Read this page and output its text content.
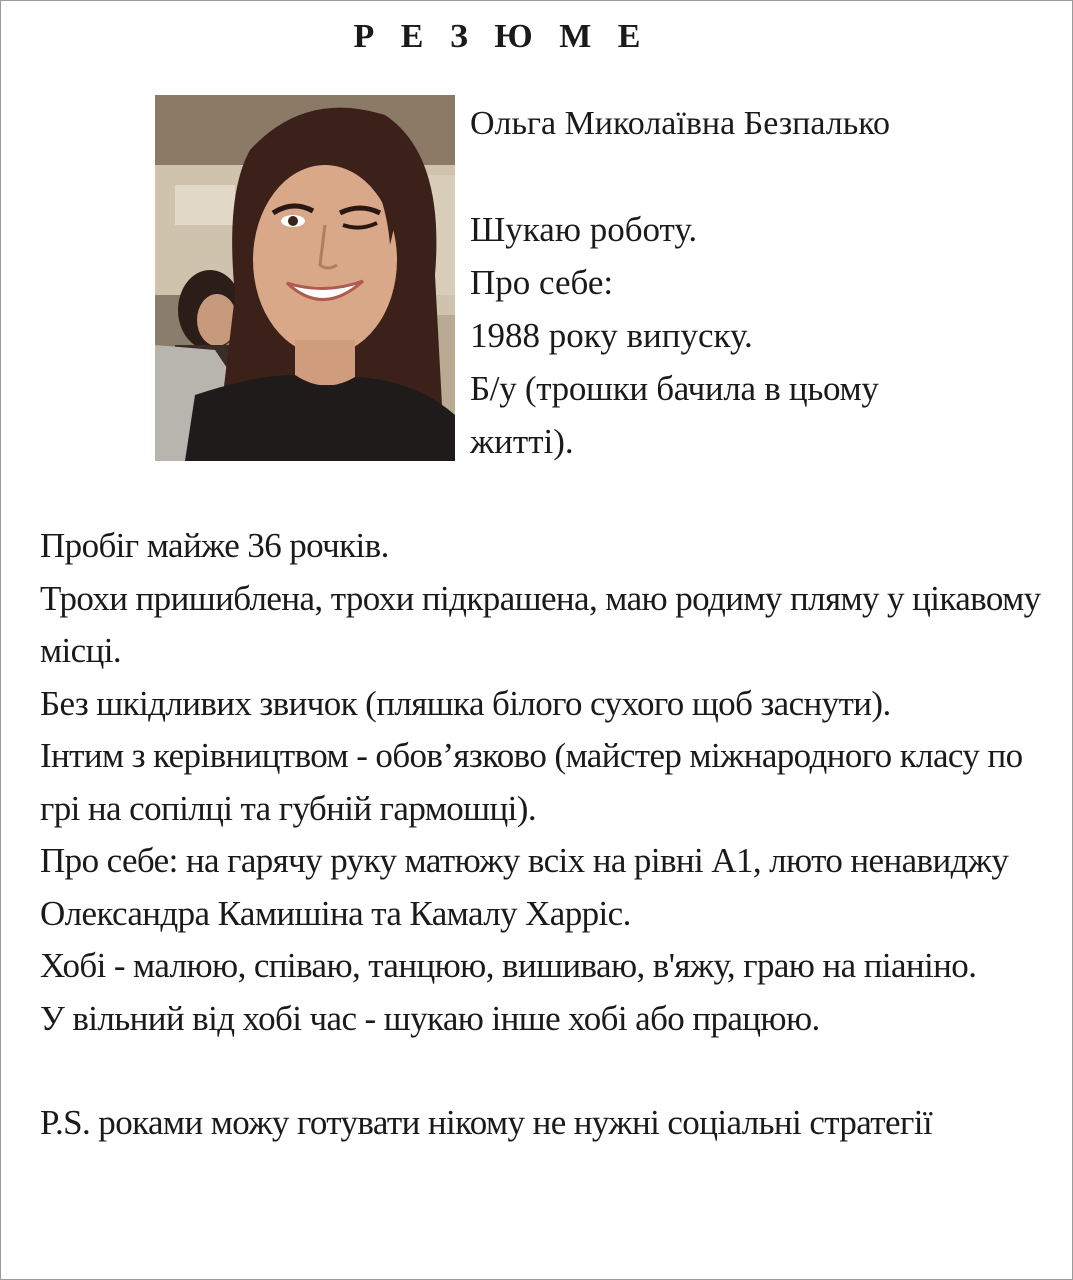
Р Е З Ю М Е
Ольга Миколаївна Безпалько
Шукаю роботу.
Про себе:
1988 року випуску.
Б/у (трошки бачила в цьому
житті).

Пробіг майже 36 рочків.

Трохи пришиблена, трохи підкрашена, маю родиму пляму у цікавому місці.

Без шкідливих звичок (пляшка білого сухого щоб заснути).

Інтим з керівництвом - обов’язково (майстер міжнародного класу по грі на сопілці та губній гармошці).

Про себе: на гарячу руку матюжу всіх на рівні А1, люто ненавиджу Олександра Камишіна та Камалу Харріс.

Хобі - малюю, співаю, танцюю, вишиваю, в'яжу, граю на піаніно.

У вільний від хобі час - шукаю інше хобі або працюю.

P.S. роками можу готувати нікому не нужні соціальні стратегії
